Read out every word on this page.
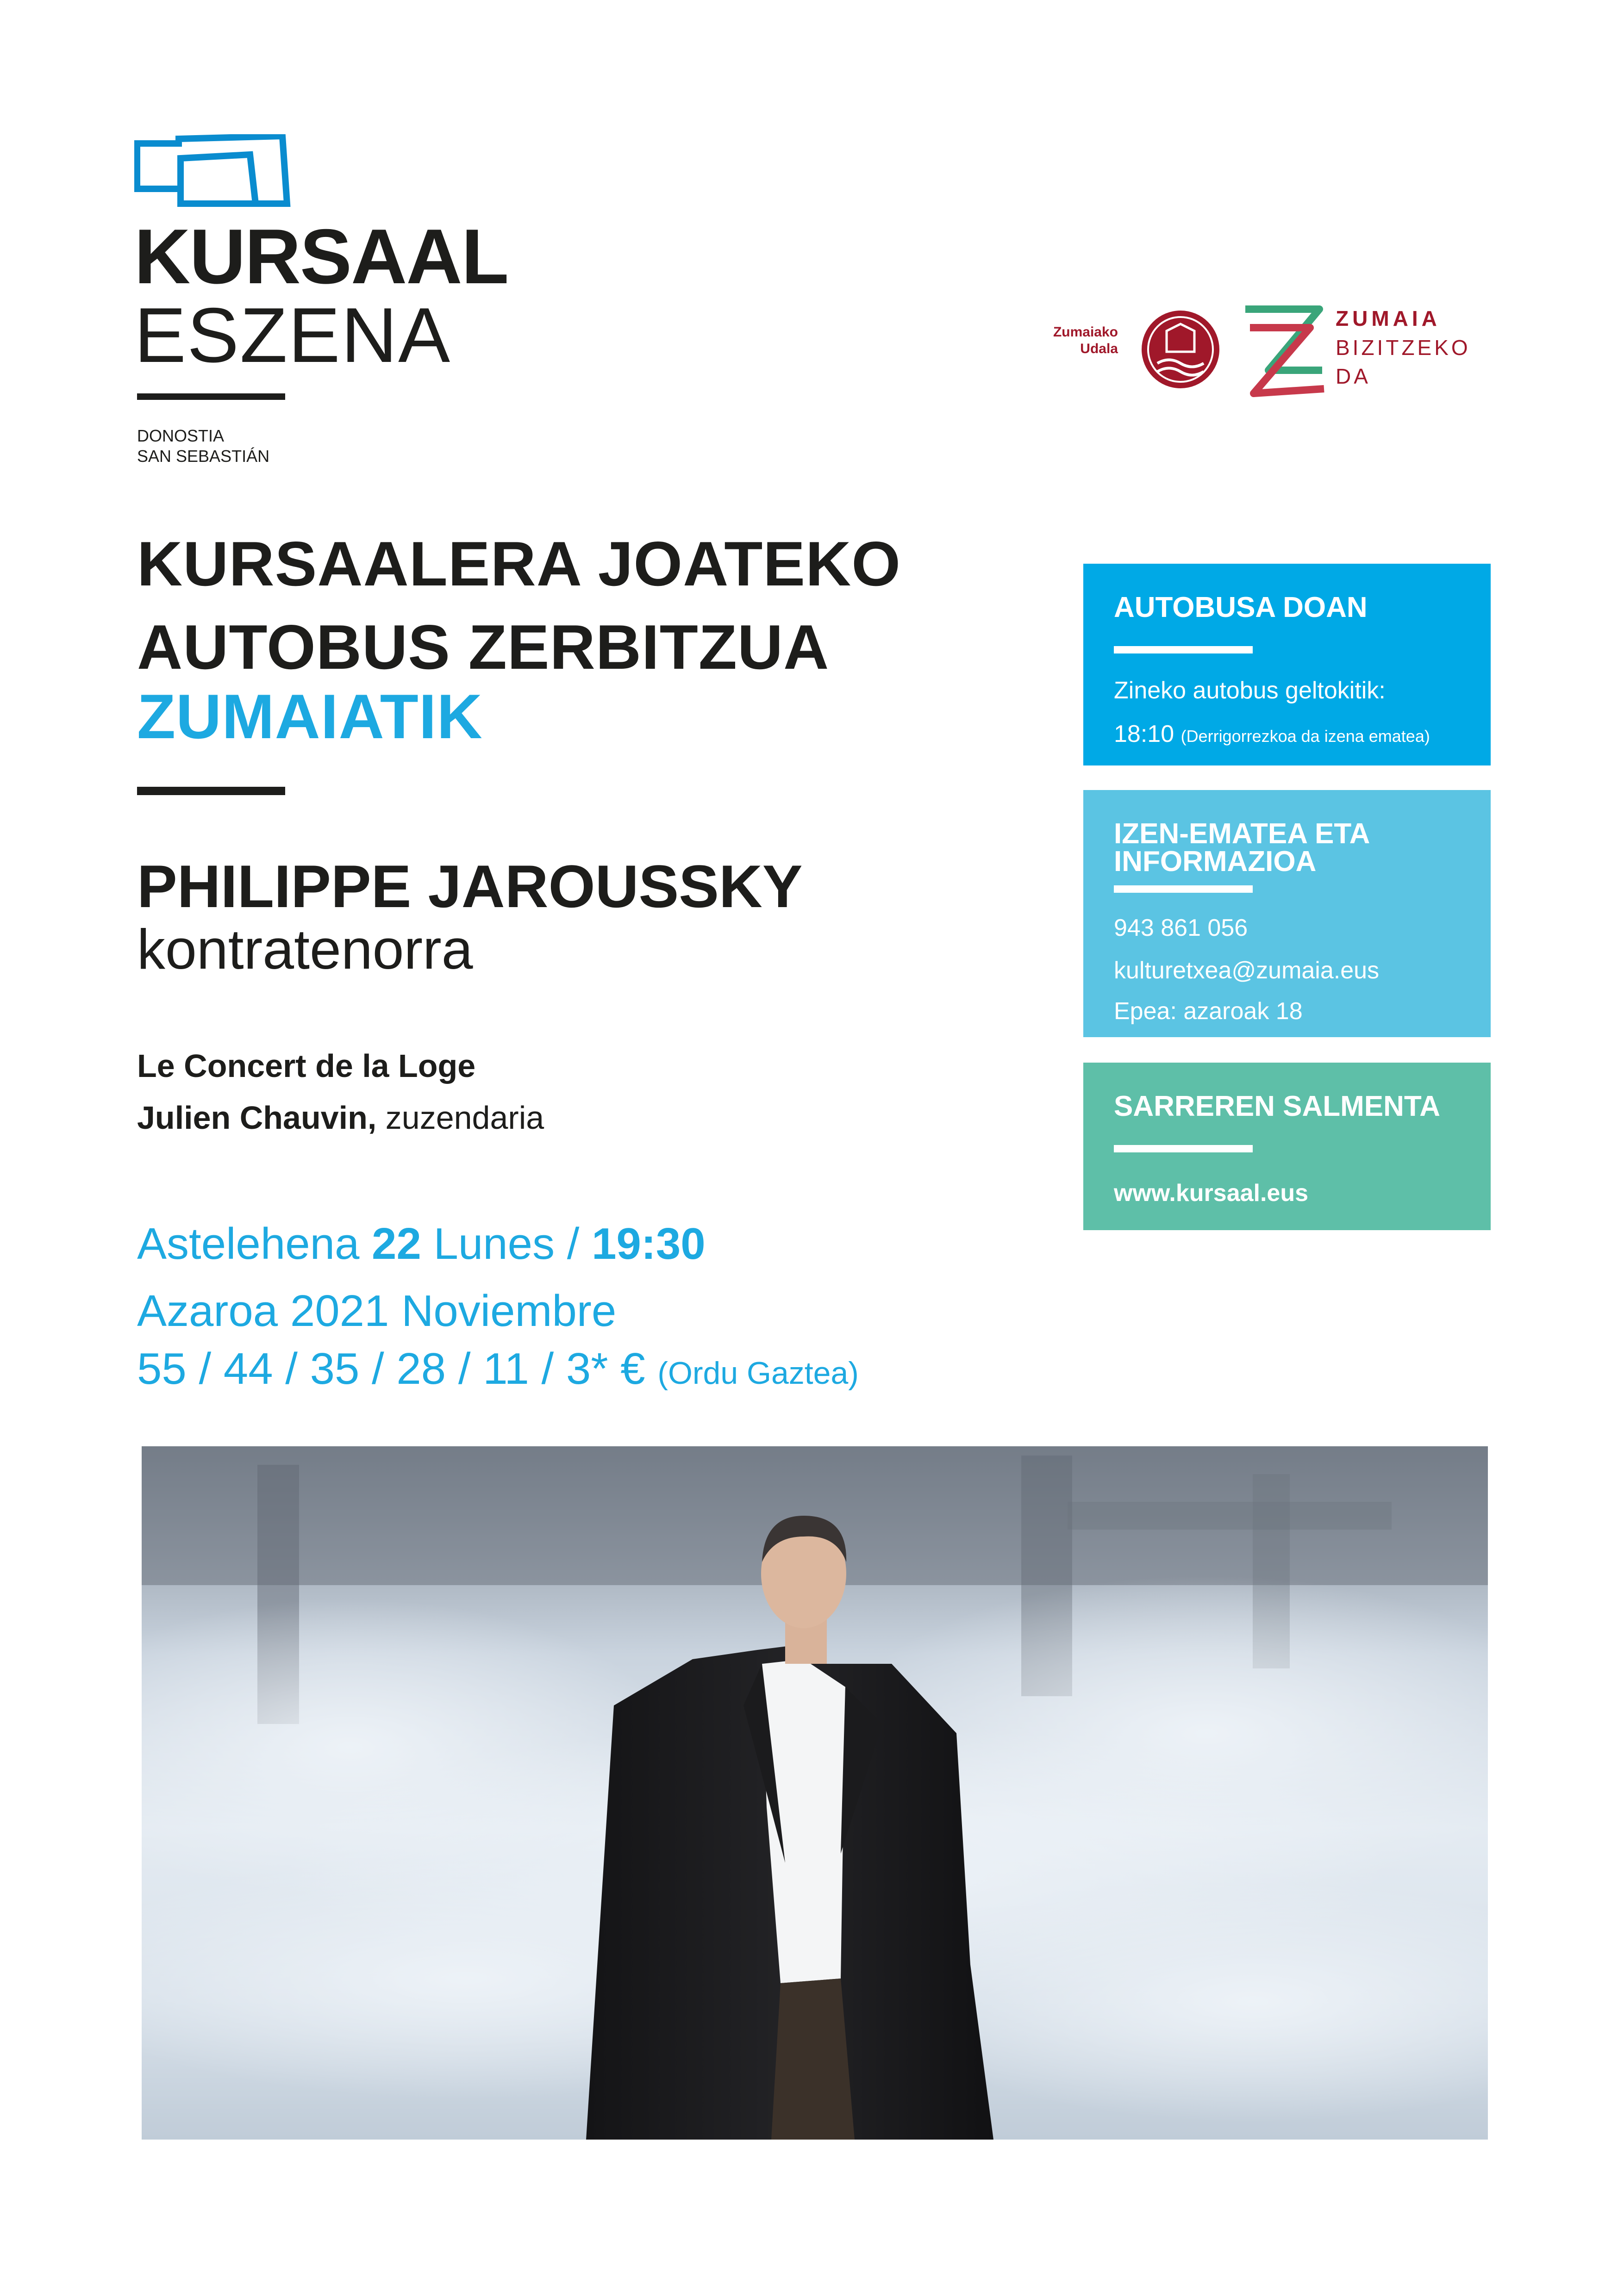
KURSAAL
ESZENA
DONOSTIA
SAN SEBASTIÁN
Zumaiako
Udala
ZUMAIA
BIZITZEKO
DA
KURSAALERA JOATEKO
AUTOBUS ZERBITZUA
ZUMAIATIK
PHILIPPE JAROUSSKY
kontratenorra
Le Concert de la Loge
Julien Chauvin, zuzendaria
Astelehena 22 Lunes / 19:30
Azaroa 2021 Noviembre
55 / 44 / 35 / 28 / 11 / 3* € (Ordu Gaztea)
AUTOBUSA DOAN
Zineko autobus geltokitik:
18:10 (Derrigorrezkoa da izena ematea)
IZEN-EMATEA ETA
INFORMAZIOA
943 861 056
kulturetxea@zumaia.eus
Epea: azaroak 18
SARREREN SALMENTA
www.kursaal.eus
